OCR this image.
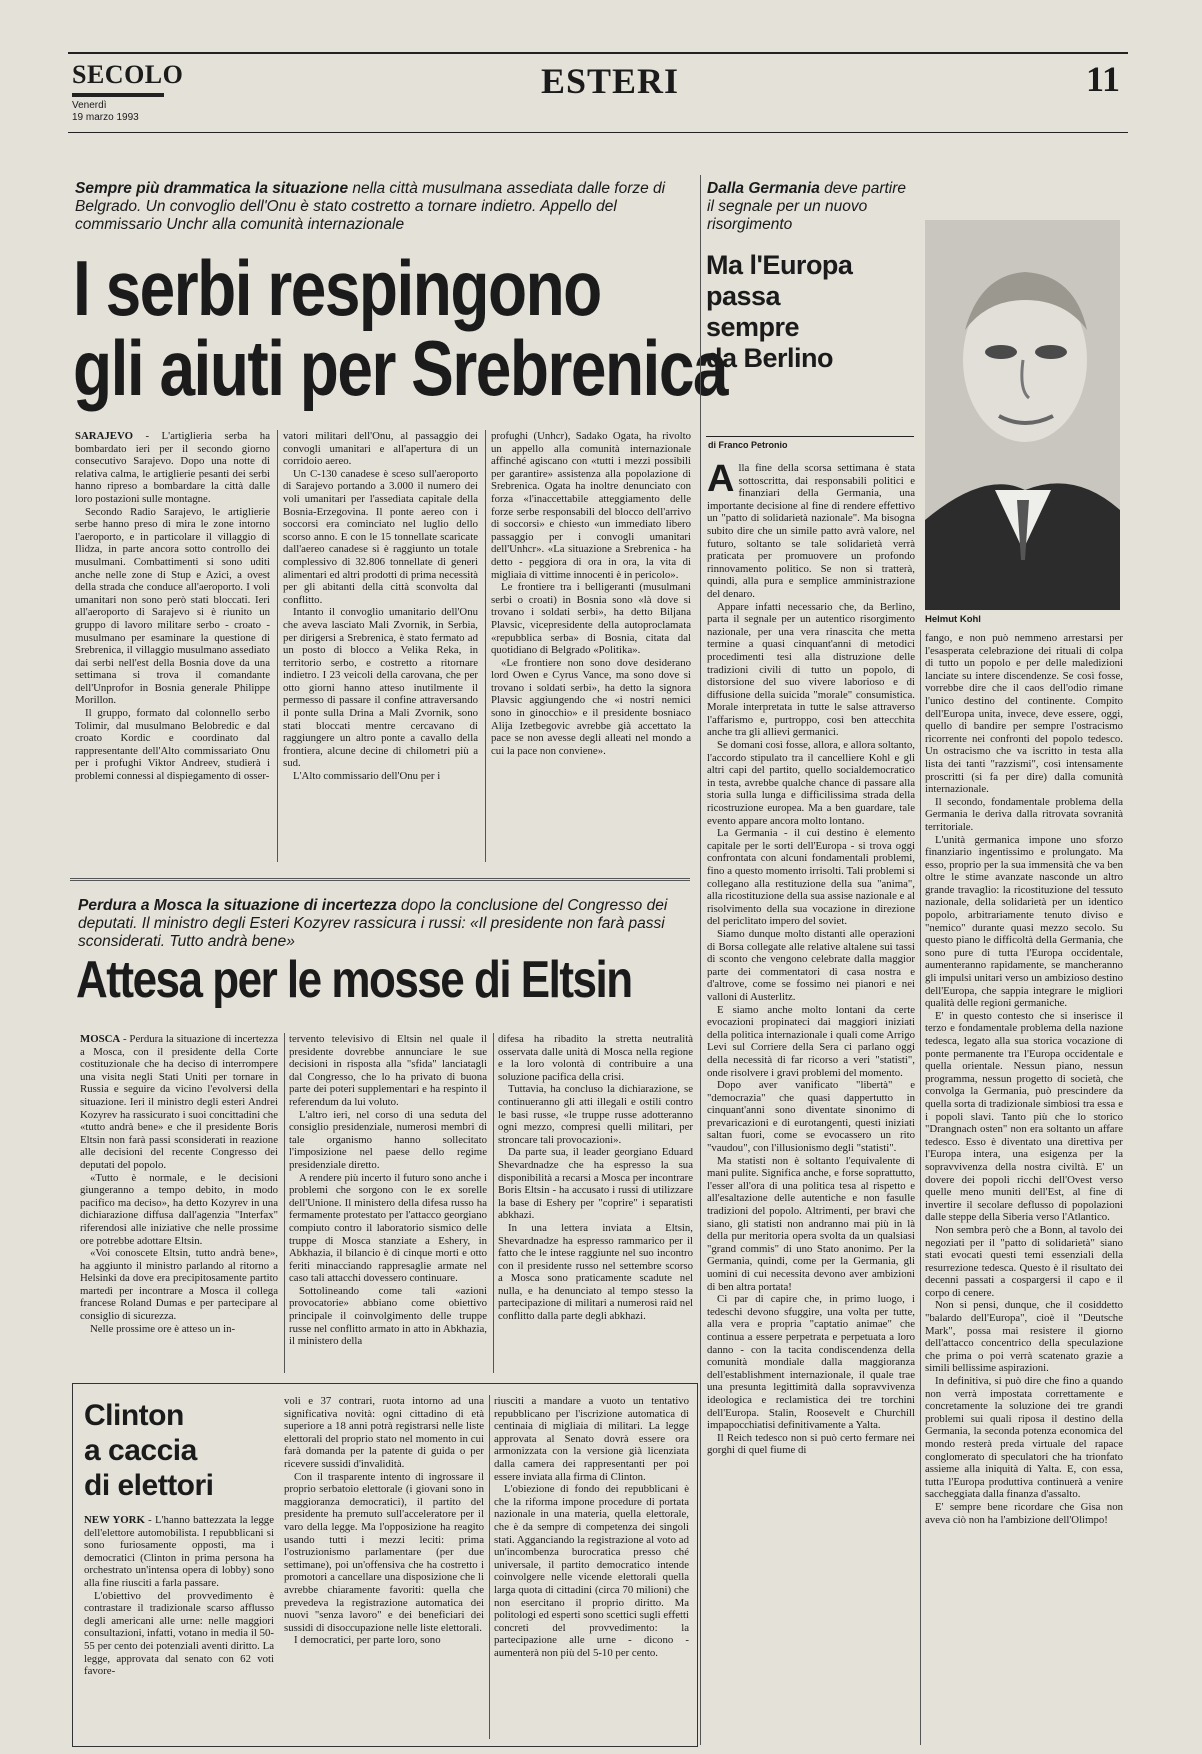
SECOLO
Venerdì
19 marzo 1993
ESTERI	11
Sempre più drammatica la situazione nella città musulmana assediata dalle forze di Belgrado. Un convoglio dell'Onu è stato costretto a tornare indietro. Appello del commissario Unchr alla comunità internazionale
I serbi respingono
gli aiuti per Srebrenica

SARAJEVO - L'artiglieria serba ha bombardato ieri per il secondo giorno consecutivo Sarajevo. Dopo una notte di relativa calma, le artiglierie pesanti dei serbi hanno ripreso a bombardare la città dalle loro postazioni sulle montagne.

Secondo Radio Sarajevo, le artiglierie serbe hanno preso di mira le zone intorno l'aeroporto, e in particolare il villaggio di Ilidza, in parte ancora sotto controllo dei musulmani. Combattimenti si sono uditi anche nelle zone di Stup e Azici, a ovest della strada che conduce all'aeroporto. I voli umanitari non sono però stati bloccati. Ieri all'aeroporto di Sarajevo si è riunito un gruppo di lavoro militare serbo - croato - musulmano per esaminare la questione di Srebrenica, il villaggio musulmano assediato dai serbi nell'est della Bosnia dove da una settimana si trova il comandante dell'Unprofor in Bosnia generale Philippe Morillon.

Il gruppo, formato dal colonnello serbo Tolimir, dal musulmano Belobredic e dal croato Kordic e coordinato dal rappresentante dell'Alto commissariato Onu per i profughi Viktor Andreev, studierà i problemi connessi al dispiegamento di osser-

vatori militari dell'Onu, al passaggio dei convogli umanitari e all'apertura di un corridoio aereo.

Un C-130 canadese è sceso sull'aeroporto di Sarajevo portando a 3.000 il numero dei voli umanitari per l'assediata capitale della Bosnia-Erzegovina. Il ponte aereo con i soccorsi era cominciato nel luglio dello scorso anno. E con le 15 tonnellate scaricate dall'aereo canadese si è raggiunto un totale complessivo di 32.806 tonnellate di generi alimentari ed altri prodotti di prima necessità per gli abitanti della città sconvolta dal conflitto.

Intanto il convoglio umanitario dell'Onu che aveva lasciato Mali Zvornik, in Serbia, per dirigersi a Srebrenica, è stato fermato ad un posto di blocco a Velika Reka, in territorio serbo, e costretto a ritornare indietro. I 23 veicoli della carovana, che per otto giorni hanno atteso inutilmente il permesso di passare il confine attraversando il ponte sulla Drina a Mali Zvornik, sono stati bloccati mentre cercavano di raggiungere un altro ponte a cavallo della frontiera, alcune decine di chilometri più a sud.

L'Alto commissario dell'Onu per i

profughi (Unhcr), Sadako Ogata, ha rivolto un appello alla comunità internazionale affinché agiscano con «tutti i mezzi possibili per garantire» assistenza alla popolazione di Srebrenica. Ogata ha inoltre denunciato con forza «l'inaccettabile atteggiamento delle forze serbe responsabili del blocco dell'arrivo di soccorsi» e chiesto «un immediato libero passaggio per i convogli umanitari dell'Unhcr». «La situazione a Srebrenica - ha detto - peggiora di ora in ora, la vita di migliaia di vittime innocenti è in pericolo».

Le frontiere tra i belligeranti (musulmani serbi o croati) in Bosnia sono «là dove si trovano i soldati serbi», ha detto Biljana Plavsic, vicepresidente della autoproclamata «repubblica serba» di Bosnia, citata dal quotidiano di Belgrado «Politika».

«Le frontiere non sono dove desiderano lord Owen e Cyrus Vance, ma sono dove si trovano i soldati serbi», ha detto la signora Plavsic aggiungendo che «i nostri nemici sono in ginocchio» e il presidente bosniaco Alija Izetbegovic avrebbe già accettato la pace se non avesse degli alleati nel mondo a cui la pace non conviene».

Dalla Germania deve partire il segnale per un nuovo risorgimento
Ma l'Europa
passa
sempre
da Berlino
di Franco Petronio
Helmut Kohl

Alla fine della scorsa settimana è stata sottoscritta, dai responsabili politici e finanziari della Germania, una importante decisione al fine di rendere effettivo un "patto di solidarietà nazionale". Ma bisogna subito dire che un simile patto avrà valore, nel futuro, soltanto se tale solidarietà verrà praticata per promuovere un profondo rinnovamento politico. Se non si tratterà, quindi, alla pura e semplice amministrazione del denaro.

Appare infatti necessario che, da Berlino, parta il segnale per un autentico risorgimento nazionale, per una vera rinascita che metta termine a quasi cinquant'anni di metodici procedimenti tesi alla distruzione delle tradizioni civili di tutto un popolo, di distorsione del suo vivere laborioso e di diffusione della suicida "morale" consumistica. Morale interpretata in tutte le salse attraverso l'affarismo e, purtroppo, così ben attecchita anche tra gli allievi germanici.

Se domani così fosse, allora, e allora soltanto, l'accordo stipulato tra il cancelliere Kohl e gli altri capi del partito, quello socialdemocratico in testa, avrebbe qualche chance di passare alla storia sulla lunga e difficilissima strada della ricostruzione europea. Ma a ben guardare, tale evento appare ancora molto lontano.

La Germania - il cui destino è elemento capitale per le sorti dell'Europa - si trova oggi confrontata con alcuni fondamentali problemi, fino a questo momento irrisolti. Tali problemi si collegano alla restituzione della sua "anima", alla ricostituzione della sua assise nazionale e al risolvimento della sua vocazione in direzione del periclitato impero del soviet.

Siamo dunque molto distanti alle operazioni di Borsa collegate alle relative altalene sui tassi di sconto che vengono celebrate dalla maggior parte dei commentatori di casa nostra e d'altrove, come se fossimo nei pianori e nei valloni di Austerlitz.

E siamo anche molto lontani da certe evocazioni propinateci dai maggiori iniziati della politica internazionale i quali come Arrigo Levi sul Corriere della Sera ci parlano oggi della necessità di far ricorso a veri "statisti", onde risolvere i gravi problemi del momento.

Dopo aver vanificato "libertà" e "democrazia" che quasi dappertutto in cinquant'anni sono diventate sinonimo di prevaricazioni e di eurotangenti, questi iniziati saltan fuori, come se evocassero un rito "vaudou", con l'illusionismo degli "statisti".

Ma statisti non è soltanto l'equivalente di mani pulite. Significa anche, e forse soprattutto, l'esser all'ora di una politica tesa al rispetto e all'esaltazione delle autentiche e non fasulle tradizioni del popolo. Altrimenti, per bravi che siano, gli statisti non andranno mai più in là della pur meritoria opera svolta da un qualsiasi "grand commis" di uno Stato anonimo. Per la Germania, quindi, come per la Germania, gli uomini di cui necessita devono aver ambizioni di ben altra portata!

Ci par di capire che, in primo luogo, i tedeschi devono sfuggire, una volta per tutte, alla vera e propria "captatio animae" che continua a essere perpetrata e perpetuata a loro danno - con la tacita condiscendenza della comunità mondiale dalla maggioranza dell'establishment internazionale, il quale trae una presunta legittimità dalla sopravvivenza ideologica e reclamistica dei tre torchini dell'Europa. Stalin, Roosevelt e Churchill impapocchiatisi definitivamente a Yalta.

Il Reich tedesco non si può certo fermare nei gorghi di quel fiume di

fango, e non può nemmeno arrestarsi per l'esasperata celebrazione dei rituali di colpa di tutto un popolo e per delle maledizioni lanciate su intere discendenze. Se così fosse, vorrebbe dire che il caos dell'odio rimane l'unico destino del continente. Compito dell'Europa unita, invece, deve essere, oggi, quello di bandire per sempre l'ostracismo ricorrente nei confronti del popolo tedesco. Un ostracismo che va iscritto in testa alla lista dei tanti "razzismi", così intensamente proscritti (si fa per dire) dalla comunità internazionale.

Il secondo, fondamentale problema della Germania le deriva dalla ritrovata sovranità territoriale.

L'unità germanica impone uno sforzo finanziario ingentissimo e prolungato. Ma esso, proprio per la sua immensità che va ben oltre le stime avanzate nasconde un altro grande travaglio: la ricostituzione del tessuto nazionale, della solidarietà per un identico popolo, arbitrariamente tenuto diviso e "nemico" durante quasi mezzo secolo. Su questo piano le difficoltà della Germania, che sono pure di tutta l'Europa occidentale, aumenteranno rapidamente, se mancheranno gli impulsi unitari verso un ambizioso destino dell'Europa, che sappia integrare le migliori qualità delle regioni germaniche.

E' in questo contesto che si inserisce il terzo e fondamentale problema della nazione tedesca, legato alla sua storica vocazione di ponte permanente tra l'Europa occidentale e quella orientale. Nessun piano, nessun programma, nessun progetto di società, che convolga la Germania, può prescindere da quella sorta di tradizionale simbiosi tra essa e i popoli slavi. Tanto più che lo storico "Drangnach osten" non era soltanto un affare tedesco. Esso è diventato una direttiva per l'Europa intera, una esigenza per la sopravvivenza della nostra civiltà. E' un dovere dei popoli ricchi dell'Ovest verso quelle meno muniti dell'Est, al fine di invertire il secolare deflusso di popolazioni dalle steppe della Siberia verso l'Atlantico.

Non sembra però che a Bonn, al tavolo dei negoziati per il "patto di solidarietà" siano stati evocati questi temi essenziali della resurrezione tedesca. Questo è il risultato dei decenni passati a cospargersi il capo e il corpo di cenere.

Non si pensi, dunque, che il cosiddetto "balardo dell'Europa", cioè il "Deutsche Mark", possa mai resistere il giorno dell'attacco concentrico della speculazione che prima o poi verrà scatenato grazie a simili bellissime aspirazioni.

In definitiva, si può dire che fino a quando non verrà impostata correttamente e concretamente la soluzione dei tre grandi problemi sui quali riposa il destino della Germania, la seconda potenza economica del mondo resterà preda virtuale del rapace conglomerato di speculatori che ha trionfato assieme alla iniquità di Yalta. E, con essa, tutta l'Europa produttiva continuerà a venire saccheggiata dalla finanza d'assalto.

E' sempre bene ricordare che Gisa non aveva ciò non ha l'ambizione dell'Olimpo!

Perdura a Mosca la situazione di incertezza dopo la conclusione del Congresso dei deputati. Il ministro degli Esteri Kozyrev rassicura i russi: «Il presidente non farà passi sconsiderati. Tutto andrà bene»
Attesa per le mosse di Eltsin

MOSCA - Perdura la situazione di incertezza a Mosca, con il presidente della Corte costituzionale che ha deciso di interrompere una visita negli Stati Uniti per tornare in Russia e seguire da vicino l'evolversi della situazione. Ieri il ministro degli esteri Andrei Kozyrev ha rassicurato i suoi concittadini che «tutto andrà bene» e che il presidente Boris Eltsin non farà passi sconsiderati in reazione alle decisioni del recente Congresso dei deputati del popolo.

«Tutto è normale, e le decisioni giungeranno a tempo debito, in modo pacifico ma deciso», ha detto Kozyrev in una dichiarazione diffusa dall'agenzia "Interfax" riferendosi alle iniziative che nelle prossime ore potrebbe adottare Eltsin.

«Voi conoscete Eltsin, tutto andrà bene», ha aggiunto il ministro parlando al ritorno a Helsinki da dove era precipitosamente partito martedì per incontrare a Mosca il collega francese Roland Dumas e per partecipare al consiglio di sicurezza.

Nelle prossime ore è atteso un in-

tervento televisivo di Eltsin nel quale il presidente dovrebbe annunciare le sue decisioni in risposta alla "sfida" lanciatagli dal Congresso, che lo ha privato di buona parte dei poteri supplementari e ha respinto il referendum da lui voluto.

L'altro ieri, nel corso di una seduta del consiglio presidenziale, numerosi membri di tale organismo hanno sollecitato l'imposizione nel paese dello regime presidenziale diretto.

A rendere più incerto il futuro sono anche i problemi che sorgono con le ex sorelle dell'Unione. Il ministero della difesa russo ha fermamente protestato per l'attacco georgiano compiuto contro il laboratorio sismico delle truppe di Mosca stanziate a Eshery, in Abkhazia, il bilancio è di cinque morti e otto feriti minacciando rappresaglie armate nel caso tali attacchi dovessero continuare.

Sottolineando come tali «azioni provocatorie» abbiano come obiettivo principale il coinvolgimento delle truppe russe nel conflitto armato in atto in Abkhazia, il ministero della

difesa ha ribadito la stretta neutralità osservata dalle unità di Mosca nella regione e la loro volontà di contribuire a una soluzione pacifica della crisi.

Tuttavia, ha concluso la dichiarazione, se continueranno gli atti illegali e ostili contro le basi russe, «le truppe russe adotteranno ogni mezzo, compresi quelli militari, per stroncare tali provocazioni».

Da parte sua, il leader georgiano Eduard Shevardnadze che ha espresso la sua disponibilità a recarsi a Mosca per incontrare Boris Eltsin - ha accusato i russi di utilizzare la base di Eshery per "coprire" i separatisti abkhazi.

In una lettera inviata a Eltsin, Shevardnadze ha espresso rammarico per il fatto che le intese raggiunte nel suo incontro con il presidente russo nel settembre scorso a Mosca sono praticamente scadute nel nulla, e ha denunciato al tempo stesso la partecipazione di militari a numerosi raid nel conflitto dalla parte degli abkhazi.

Clinton
a caccia
di elettori

NEW YORK - L'hanno battezzata la legge dell'elettore automobilista. I repubblicani si sono furiosamente opposti, ma i democratici (Clinton in prima persona ha orchestrato un'intensa opera di lobby) sono alla fine riusciti a farla passare.

L'obiettivo del provvedimento è contrastare il tradizionale scarso afflusso degli americani alle urne: nelle maggiori consultazioni, infatti, votano in media il 50-55 per cento dei potenziali aventi diritto. La legge, approvata dal senato con 62 voti favore-

voli e 37 contrari, ruota intorno ad una significativa novità: ogni cittadino di età superiore a 18 anni potrà registrarsi nelle liste elettorali del proprio stato nel momento in cui farà domanda per la patente di guida o per ricevere sussidi d'invalidità.

Con il trasparente intento di ingrossare il proprio serbatoio elettorale (i giovani sono in maggioranza democratici), il partito del presidente ha premuto sull'acceleratore per il varo della legge. Ma l'opposizione ha reagito usando tutti i mezzi leciti: prima l'ostruzionismo parlamentare (per due settimane), poi un'offensiva che ha costretto i promotori a cancellare una disposizione che li avrebbe chiaramente favoriti: quella che prevedeva la registrazione automatica dei nuovi "senza lavoro" e dei beneficiari dei sussidi di disoccupazione nelle liste elettorali.

I democratici, per parte loro, sono

riusciti a mandare a vuoto un tentativo repubblicano per l'iscrizione automatica di centinaia di migliaia di militari. La legge approvata al Senato dovrà essere ora armonizzata con la versione già licenziata dalla camera dei rappresentanti per poi essere inviata alla firma di Clinton.

L'obiezione di fondo dei repubblicani è che la riforma impone procedure di portata nazionale in una materia, quella elettorale, che è da sempre di competenza dei singoli stati. Agganciando la registrazione al voto ad un'incombenza burocratica presso ché universale, il partito democratico intende coinvolgere nelle vicende elettorali quella larga quota di cittadini (circa 70 milioni) che non esercitano il proprio diritto. Ma politologi ed esperti sono scettici sugli effetti concreti del provvedimento: la partecipazione alle urne - dicono - aumenterà non più del 5-10 per cento.
